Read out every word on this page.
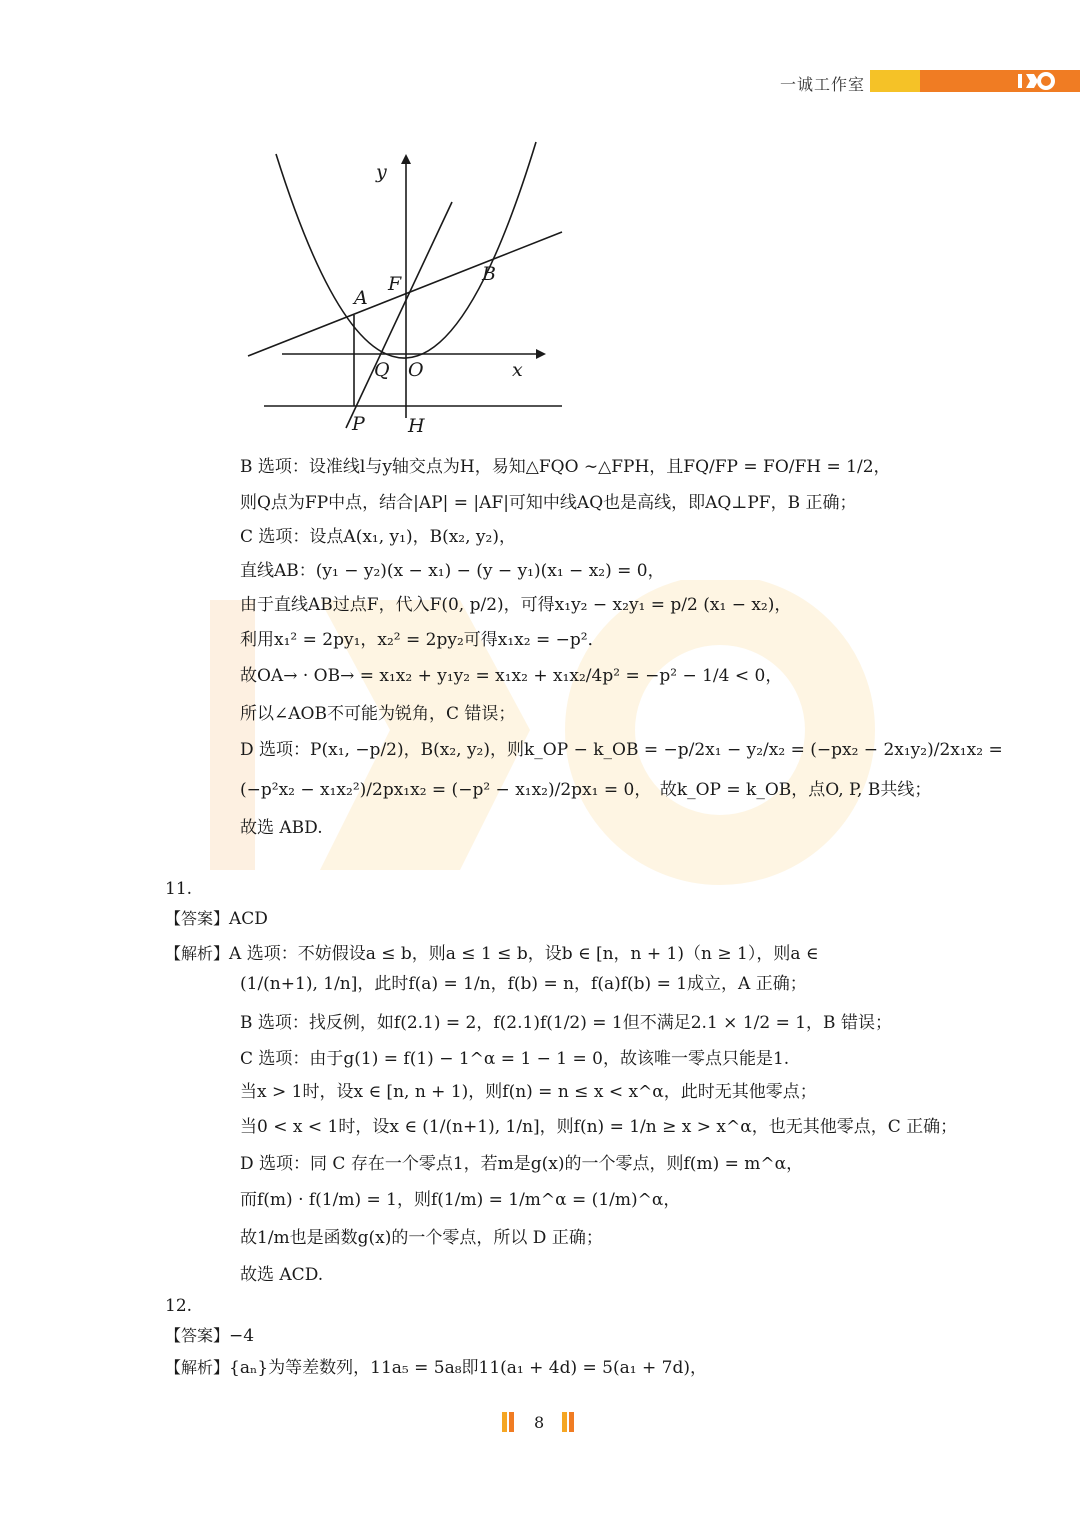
一诚工作室
y
x
A
B
F
Q O
P H
B 选项：设准线l与y轴交点为H，易知△FQO ∼△FPH，且FQ/FP = FO/FH = 1/2，
则Q点为FP中点，结合|AP| = |AF|可知中线AQ也是高线，即AQ⊥PF，B 正确；
C 选项：设点A(x₁, y₁)，B(x₂, y₂)，
直线AB：(y₁ − y₂)(x − x₁) − (y − y₁)(x₁ − x₂) = 0，
由于直线AB过点F，代入F(0, p/2)，可得x₁y₂ − x₂y₁ = p/2 (x₁ − x₂)，
利用x₁² = 2py₁，x₂² = 2py₂可得x₁x₂ = −p²．
故OA→ · OB→ = x₁x₂ + y₁y₂ = x₁x₂ + x₁x₂/4p² = −p² − 1/4 < 0，
所以∠AOB不可能为锐角，C 错误；
D 选项：P(x₁, −p/2)，B(x₂, y₂)，则k_OP − k_OB = −p/2x₁ − y₂/x₂ = (−px₂ − 2x₁y₂)/2x₁x₂ =
(−p²x₂ − x₁x₂²)/2px₁x₂ = (−p² − x₁x₂)/2px₁ = 0，　故k_OP = k_OB，点O, P, B共线；
故选 ABD.
11.
【答案】ACD
【解析】A 选项：不妨假设a ≤ b，则a ≤ 1 ≤ b，设b ∈ [n，n + 1)（n ≥ 1），则a ∈
(1/(n+1), 1/n]，此时f(a) = 1/n，f(b) = n，f(a)f(b) = 1成立，A 正确；
B 选项：找反例，如f(2.1) = 2，f(2.1)f(1/2) = 1但不满足2.1 × 1/2 = 1，B 错误；
C 选项：由于g(1) = f(1) − 1^α = 1 − 1 = 0，故该唯一零点只能是1.
当x > 1时，设x ∈ [n, n + 1)，则f(n) = n ≤ x < x^α，此时无其他零点；
当0 < x < 1时，设x ∈ (1/(n+1), 1/n]，则f(n) = 1/n ≥ x > x^α，也无其他零点，C 正确；
D 选项：同 C 存在一个零点1，若m是g(x)的一个零点，则f(m) = m^α，
而f(m) · f(1/m) = 1，则f(1/m) = 1/m^α = (1/m)^α，
故1/m也是函数g(x)的一个零点，所以 D 正确；
故选 ACD.
12.
【答案】−4
【解析】{aₙ}为等差数列，11a₅ = 5a₈即11(a₁ + 4d) = 5(a₁ + 7d)，
8
